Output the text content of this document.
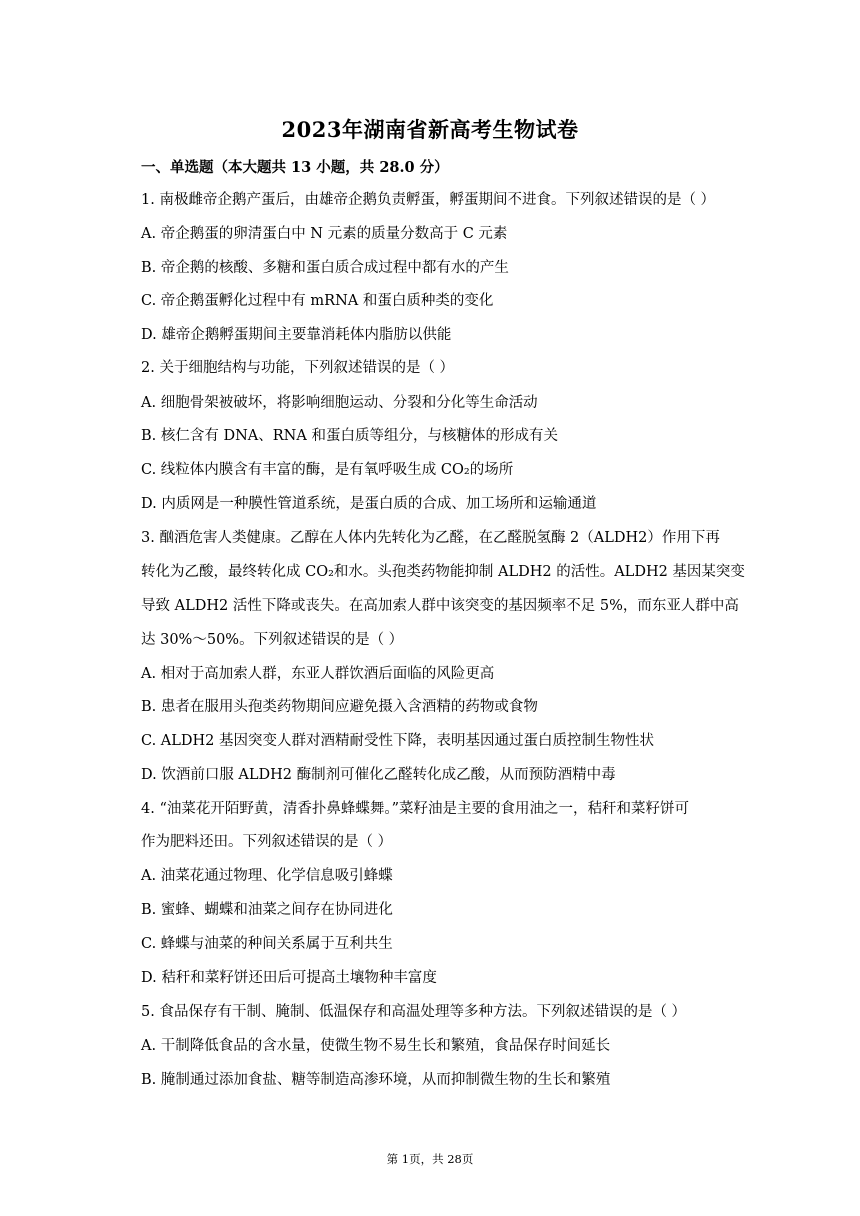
2023年湖南省新高考生物试卷
一、单选题（本大题共 13 小题，共 28.0 分）
1. 南极雌帝企鹅产蛋后，由雄帝企鹅负责孵蛋，孵蛋期间不进食。下列叙述错误的是（ ）
A. 帝企鹅蛋的卵清蛋白中 N 元素的质量分数高于 C 元素
B. 帝企鹅的核酸、多糖和蛋白质合成过程中都有水的产生
C. 帝企鹅蛋孵化过程中有 mRNA 和蛋白质种类的变化
D. 雄帝企鹅孵蛋期间主要靠消耗体内脂肪以供能
2. 关于细胞结构与功能，下列叙述错误的是（ ）
A. 细胞骨架被破坏，将影响细胞运动、分裂和分化等生命活动
B. 核仁含有 DNA、RNA 和蛋白质等组分，与核糖体的形成有关
C. 线粒体内膜含有丰富的酶，是有氧呼吸生成 CO₂的场所
D. 内质网是一种膜性管道系统，是蛋白质的合成、加工场所和运输通道
3. 酗酒危害人类健康。乙醇在人体内先转化为乙醛，在乙醛脱氢酶 2（ALDH2）作用下再
转化为乙酸，最终转化成 CO₂和水。头孢类药物能抑制 ALDH2 的活性。ALDH2 基因某突变
导致 ALDH2 活性下降或丧失。在高加索人群中该突变的基因频率不足 5%，而东亚人群中高
达 30%～50%。下列叙述错误的是（ ）
A. 相对于高加索人群，东亚人群饮酒后面临的风险更高
B. 患者在服用头孢类药物期间应避免摄入含酒精的药物或食物
C. ALDH2 基因突变人群对酒精耐受性下降，表明基因通过蛋白质控制生物性状
D. 饮酒前口服 ALDH2 酶制剂可催化乙醛转化成乙酸，从而预防酒精中毒
4. “油菜花开陌野黄，清香扑鼻蜂蝶舞。”菜籽油是主要的食用油之一，秸秆和菜籽饼可
作为肥料还田。下列叙述错误的是（ ）
A. 油菜花通过物理、化学信息吸引蜂蝶
B. 蜜蜂、蝴蝶和油菜之间存在协同进化
C. 蜂蝶与油菜的种间关系属于互利共生
D. 秸秆和菜籽饼还田后可提高土壤物种丰富度
5. 食品保存有干制、腌制、低温保存和高温处理等多种方法。下列叙述错误的是（ ）
A. 干制降低食品的含水量，使微生物不易生长和繁殖，食品保存时间延长
B. 腌制通过添加食盐、糖等制造高渗环境，从而抑制微生物的生长和繁殖
第 1页，共 28页
